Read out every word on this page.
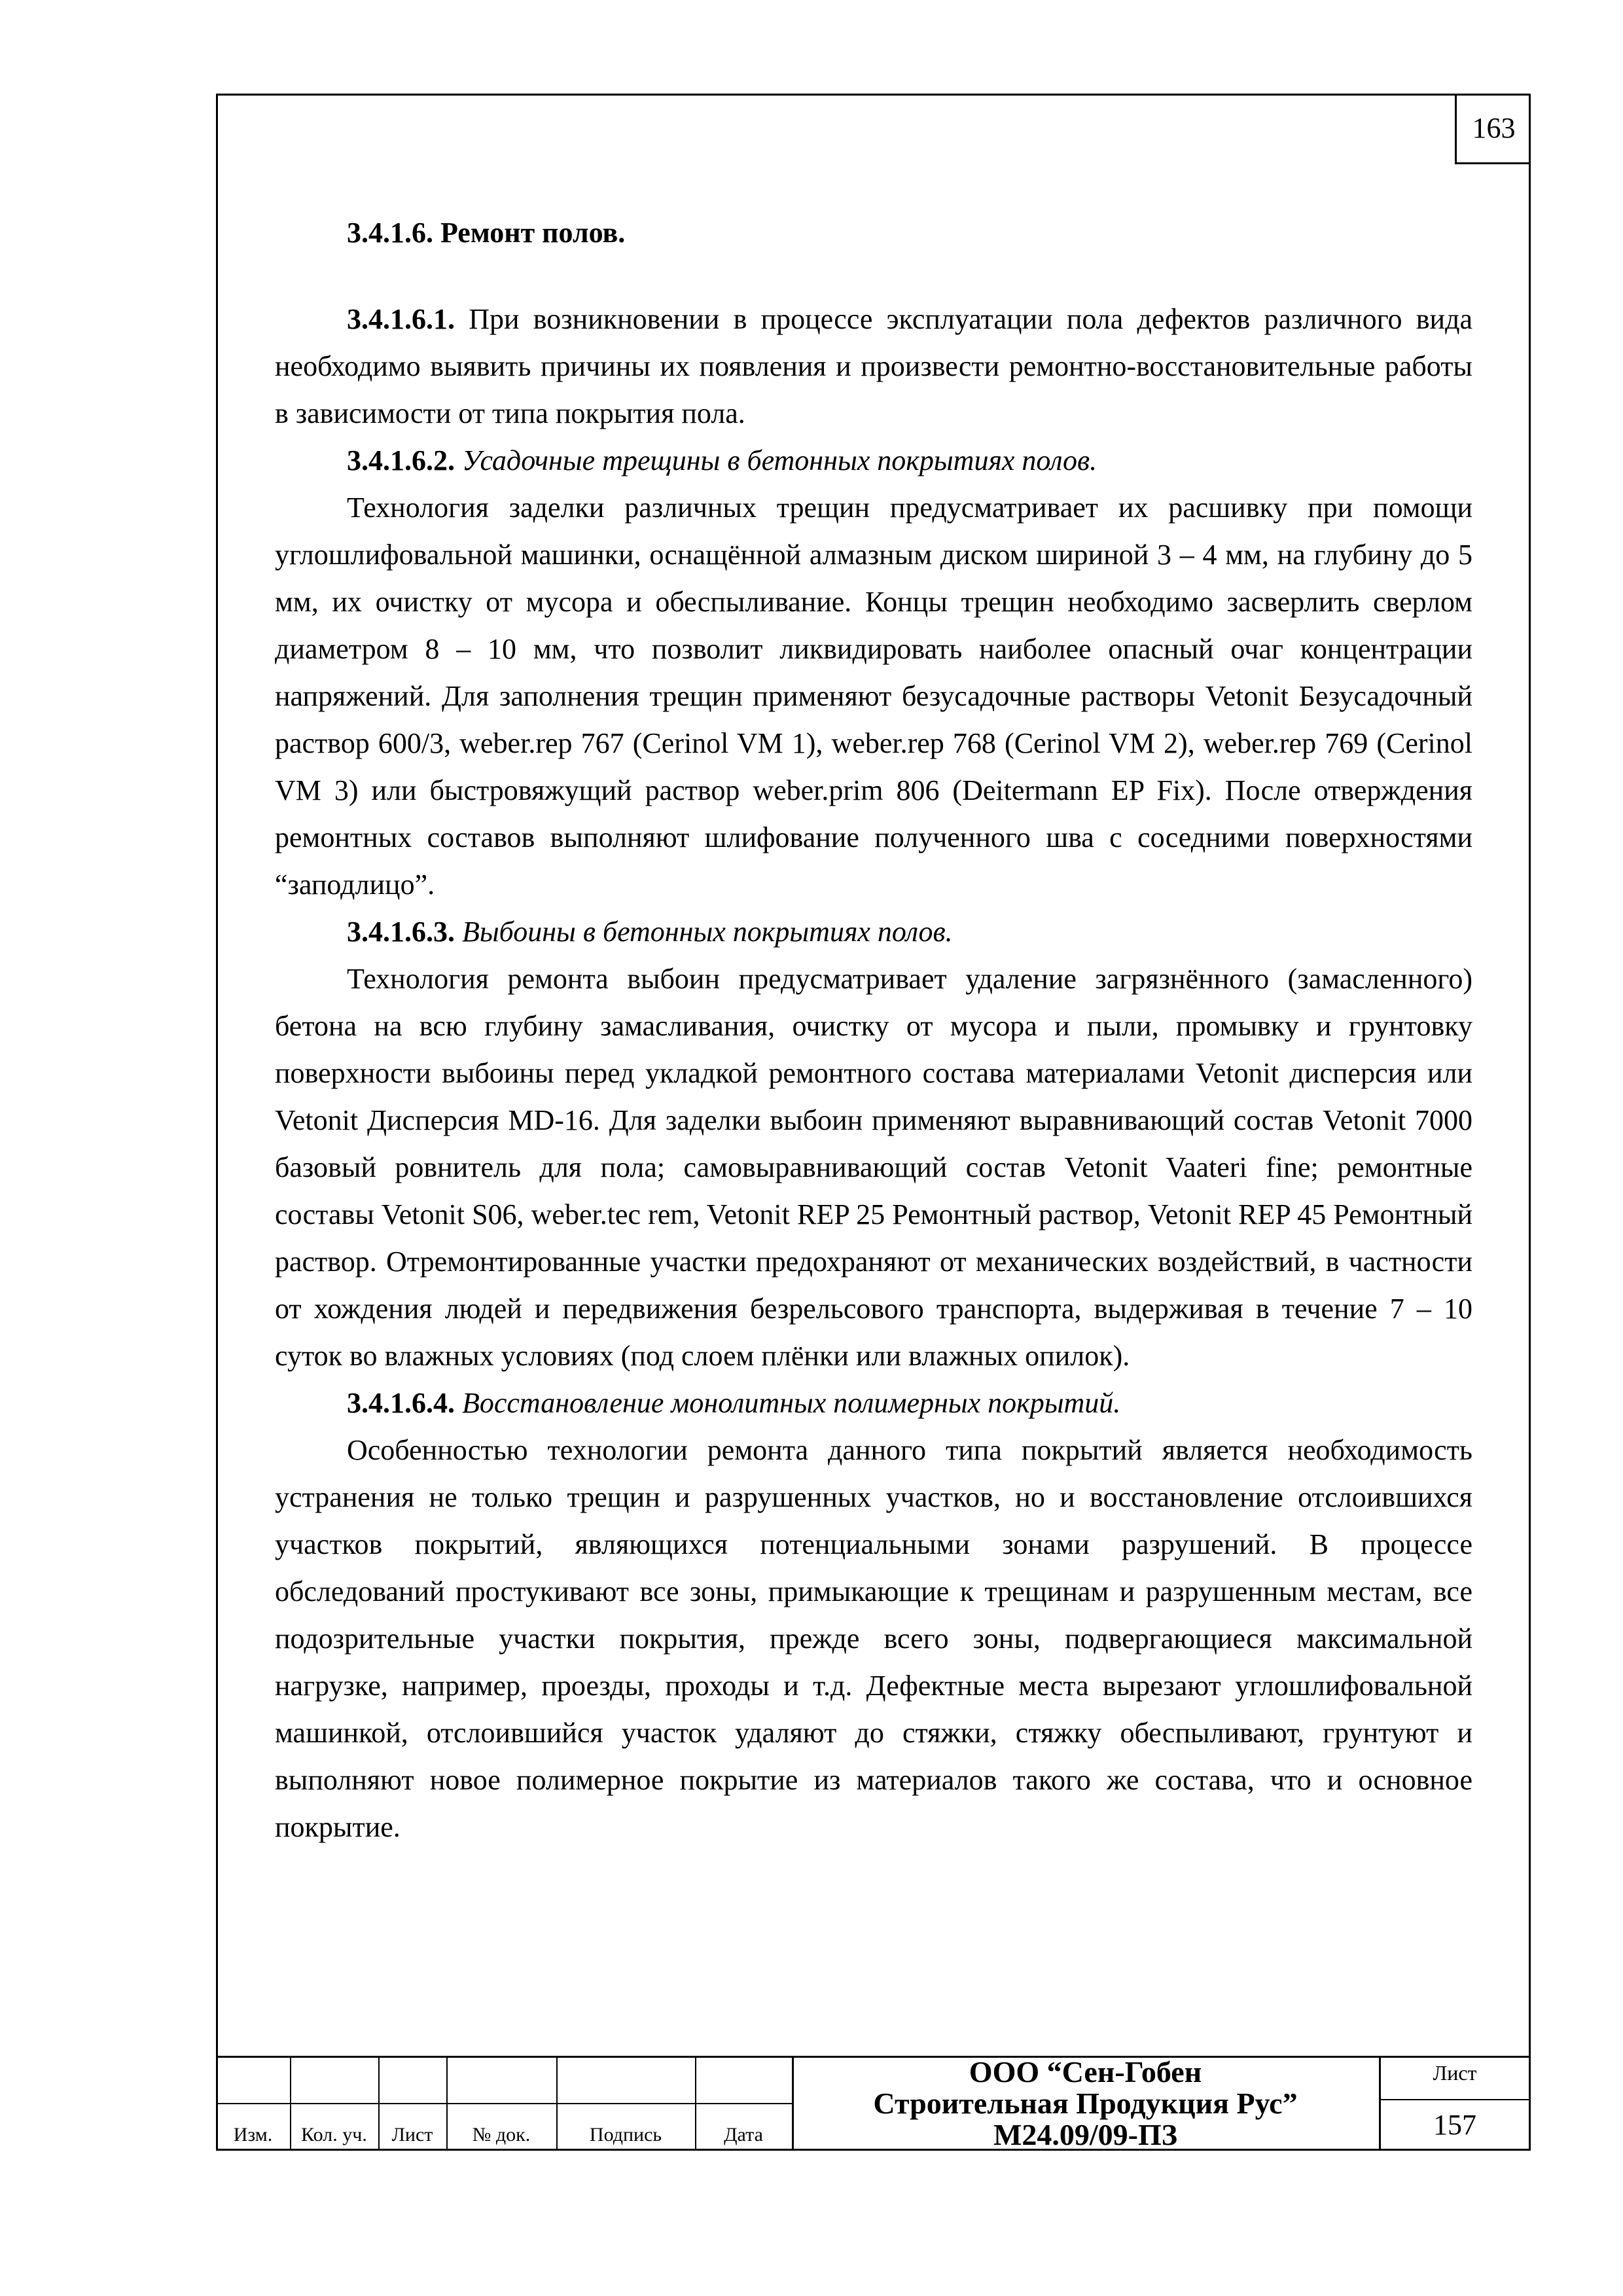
163

3.4.1.6. Ремонт полов.

3.4.1.6.1. При возникновении в процессе эксплуатации пола дефектов различного вида необходимо выявить причины их появления и произвести ремонтно-восстановительные работы в зависимости от типа покрытия пола.

3.4.1.6.2. Усадочные трещины в бетонных покрытиях полов.

Технология заделки различных трещин предусматривает их расшивку при помощи углошлифовальной машинки, оснащённой алмазным диском шириной 3 – 4 мм, на глубину до 5 мм, их очистку от мусора и обеспыливание. Концы трещин необходимо засверлить сверлом диаметром 8 – 10 мм, что позволит ликвидировать наиболее опасный очаг концентрации напряжений. Для заполнения трещин применяют безусадочные растворы Vetonit Безусадочный раствор 600/3, weber.rep 767 (Cerinol VM 1), weber.rep 768 (Cerinol VM 2), weber.rep 769 (Cerinol VM 3) или быстровяжущий раствор weber.prim 806 (Deitermann EP Fix). После отверждения ремонтных составов выполняют шлифование полученного шва с соседними поверхностями “заподлицо”.

3.4.1.6.3. Выбоины в бетонных покрытиях полов.

Технология ремонта выбоин предусматривает удаление загрязнённого (замасленного) бетона на всю глубину замасливания, очистку от мусора и пыли, промывку и грунтовку поверхности выбоины перед укладкой ремонтного состава материалами Vetonit дисперсия или Vetonit Дисперсия MD-16. Для заделки выбоин применяют выравнивающий состав Vetonit 7000 базовый ровнитель для пола; самовыравнивающий состав Vetonit Vaateri fine; ремонтные составы Vetonit S06, weber.tec rem, Vetonit REP 25 Ремонтный раствор, Vetonit REP 45 Ремонтный раствор. Отремонтированные участки предохраняют от механических воздействий, в частности от хождения людей и передвижения безрельсового транспорта, выдерживая в течение 7 – 10 суток во влажных условиях (под слоем плёнки или влажных опилок).

3.4.1.6.4. Восстановление монолитных полимерных покрытий.

Особенностью технологии ремонта данного типа покрытий является необходимость устранения не только трещин и разрушенных участков, но и восстановление отслоившихся участков покрытий, являющихся потенциальными зонами разрушений. В процессе обследований простукивают все зоны, примыкающие к трещинам и разрушенным местам, все подозрительные участки покрытия, прежде всего зоны, подвергающиеся максимальной нагрузке, например, проезды, проходы и т.д. Дефектные места вырезают углошлифовальной машинкой, отслоившийся участок удаляют до стяжки, стяжку обеспыливают, грунтуют и выполняют новое полимерное покрытие из материалов такого же состава, что и основное покрытие.

Изм.	Кол. уч.	Лист	№ док.	Подпись	Дата
ООО “Сен-Гобен
Строительная Продукция Рус”
М24.09/09-ПЗ
Лист
157
